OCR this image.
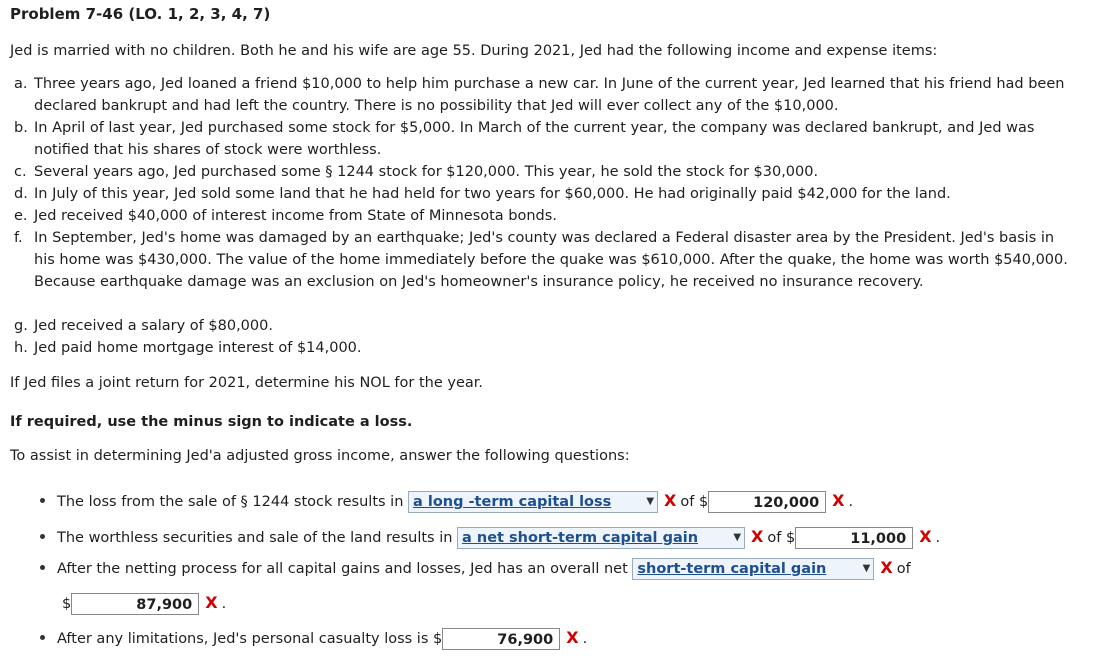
Problem 7-46 (LO. 1, 2, 3, 4, 7)
Jed is married with no children. Both he and his wife are age 55. During 2021, Jed had the following income and expense items:
a. Three years ago, Jed loaned a friend $10,000 to help him purchase a new car. In June of the current year, Jed learned that his friend had been declared bankrupt and had left the country. There is no possibility that Jed will ever collect any of the $10,000.
b. In April of last year, Jed purchased some stock for $5,000. In March of the current year, the company was declared bankrupt, and Jed was notified that his shares of stock were worthless.
c. Several years ago, Jed purchased some § 1244 stock for $120,000. This year, he sold the stock for $30,000.
d. In July of this year, Jed sold some land that he had held for two years for $60,000. He had originally paid $42,000 for the land.
e. Jed received $40,000 of interest income from State of Minnesota bonds.
f. In September, Jed's home was damaged by an earthquake; Jed's county was declared a Federal disaster area by the President. Jed's basis in his home was $430,000. The value of the home immediately before the quake was $610,000. After the quake, the home was worth $540,000. Because earthquake damage was an exclusion on Jed's homeowner's insurance policy, he received no insurance recovery.
g. Jed received a salary of $80,000.
h. Jed paid home mortgage interest of $14,000.
If Jed files a joint return for 2021, determine his NOL for the year.
If required, use the minus sign to indicate a loss.
To assist in determining Jed'a adjusted gross income, answer the following questions:
The loss from the sale of § 1244 stock results in a long -term capital loss	▼ X of $	120,000 X .
The worthless securities and sale of the land results in a net short-term capital gain	▼ X of $	11,000 X .
After the netting process for all capital gains and losses, Jed has an overall net short-term capital gain	▼ X of
$	87,900 X .
After any limitations, Jed's personal casualty loss is $	76,900 X .
